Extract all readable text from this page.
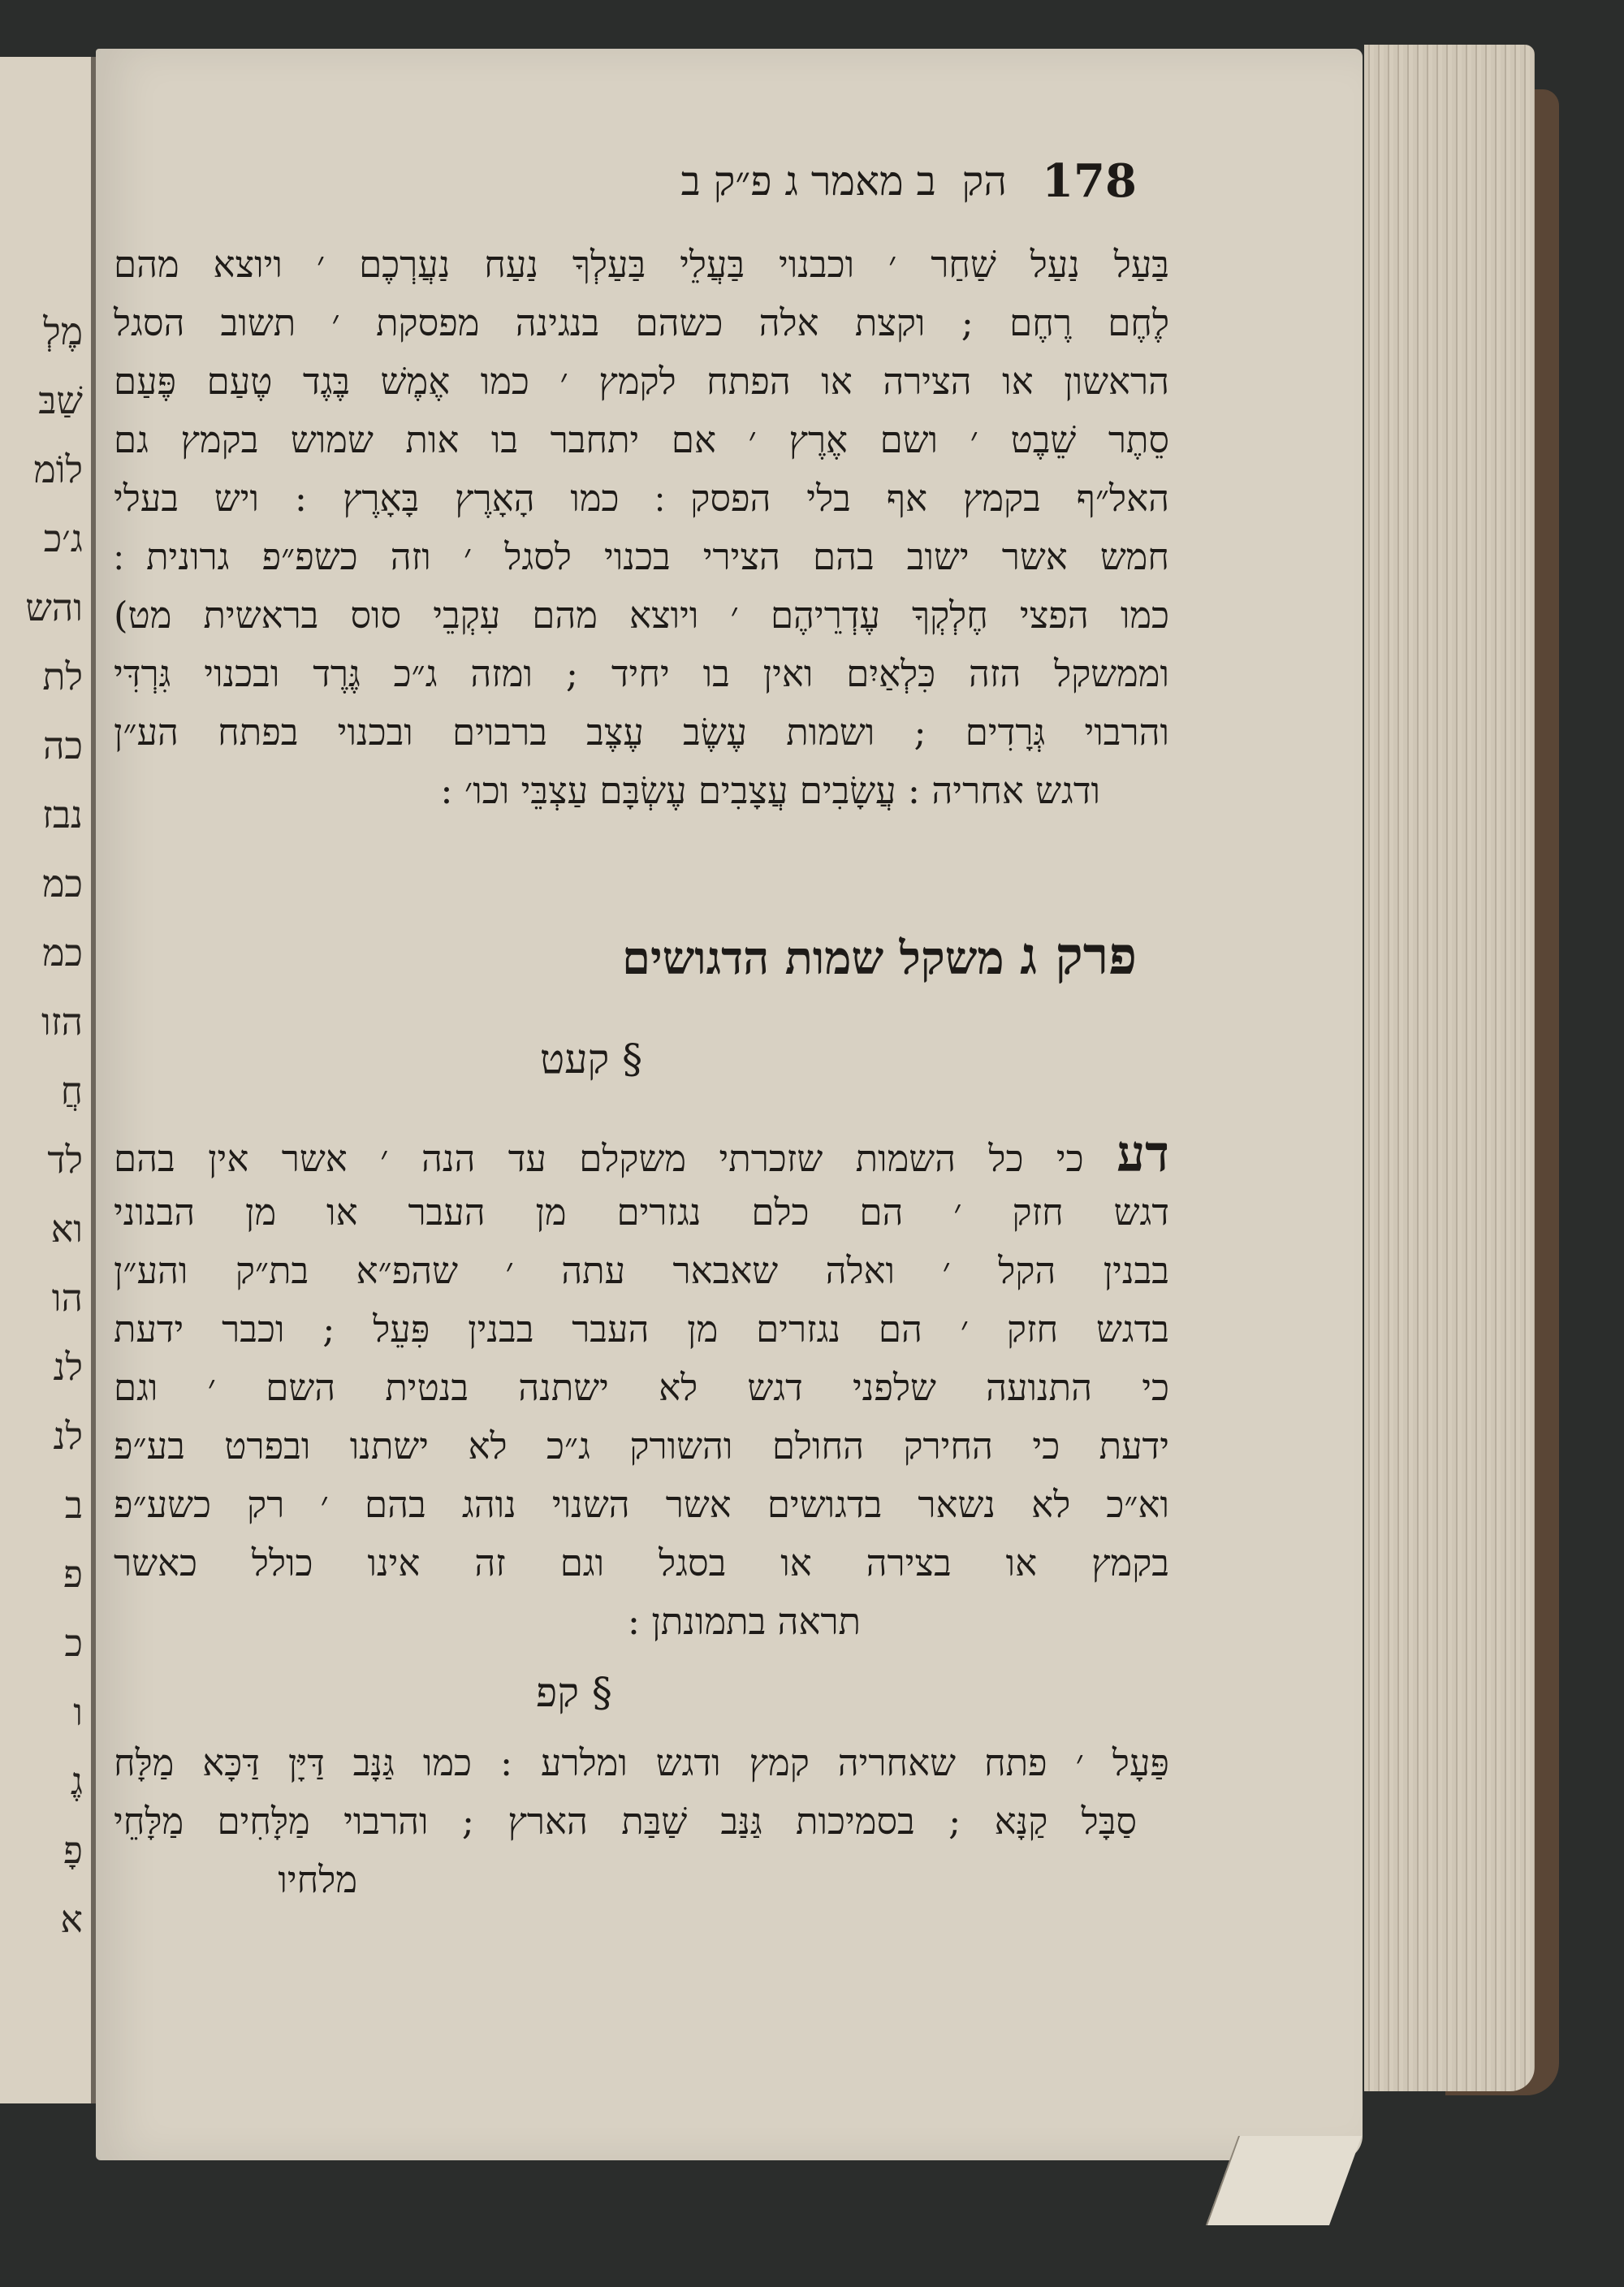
מֶלְ
שַׁבּ
לוֹמ
ג׳כ
והש
לת
כה
נבז
כמ
כמ
הזו
חֲ
לד
וא
הו
לנ
לנ
ב
פ
כ
ו
גֶ
פָ
א
178
הק  ב מאמר ג פ״ק ב
בַּעַל נַעַל שַׁחַר ׳ וכבנוי בַּעֲלֵי בַּעַלְךָ נַעַח נַעֲרְכֶם ׳ ויוצא מהם
לֶחֶם רֶחֶם ; וקצת אלה כשהם בנגינה מפסקת ׳ תשוב הסגל
הראשון או הצירה או הפתח לקמץ ׳ כמו אֶמֶשׁ בֶּגֶד טֶעַם פֶּעַם
סֵתֶר שֵׁבֶט ׳ ושם אֶרֶץ ׳ אם יתחבר בו אות שמוש בקמץ גם
האל״ף בקמץ אף בלי הפסק ׃ כמו הָאָרֶץ בָּאָרֶץ : ויש בעלי
חמש אשר ישוב בהם הצירי בכנוי לסגל ׳ וזה כשפ״פ גרונית ׃
כמו הפצי חֶלְקְךָ עֶדְרֵיהֶם ׳ ויוצא מהם עִקְבֵי סוס בראשית מט)
וממשקל הזה כִּלְאַיִם ואין בו יחיד ; ומזה ג״כ גֶּרֶד ובכנוי גִּרְדִּי
והרבוי גְּרָדִים ; ושמות עֶשֶׂב עֶצֶב ברבוים ובכנוי בפתח הע״ן
ודגש אחריה : עֲשָׂבִים עֲצָבִים עֶשְׂבָּם עַצְבֵּי וכו׳ :
פרק ג משקל שמות הדגושים
§ קעט
דע כי כל השמות שזכרתי משקלם עד הנה ׳ אשר אין בהם
דגש חזק ׳ הם כלם נגזרים מן העבר או מן הבנוני
בבנין הקל ׳ ואלה שאבאר עתה ׳ שהפ״א בת״ק והע״ן
בדגש חזק ׳ הם נגזרים מן העבר בבנין פִּעֵל ; וכבר ידעת
כי התנועה שלפני דגש לא ישתנה בנטית השם ׳ וגם
ידעת כי החירק החולם והשורק ג״כ לא ישתנו ובפרט בע״פ
וא״כ לא נשאר בדגושים אשר השנוי נוהג בהם ׳ רק כשע״פ
בקמץ או בצירה או בסגל וגם זה אינו כולל כאשר
תראה בתמונתן :
§ קפ
פַּעָל ׳ פתח שאחריה קמץ ודגש ומלרע : כמו גַּנָּב דַּיָּן דַּכָּא מַלָּח
סַבָּל קַנָּא ; בסמיכות גַּנַּב שַׁבַּת הארץ ; והרבוי מַלָּחִים מַלָּחֵי
מלחיו
